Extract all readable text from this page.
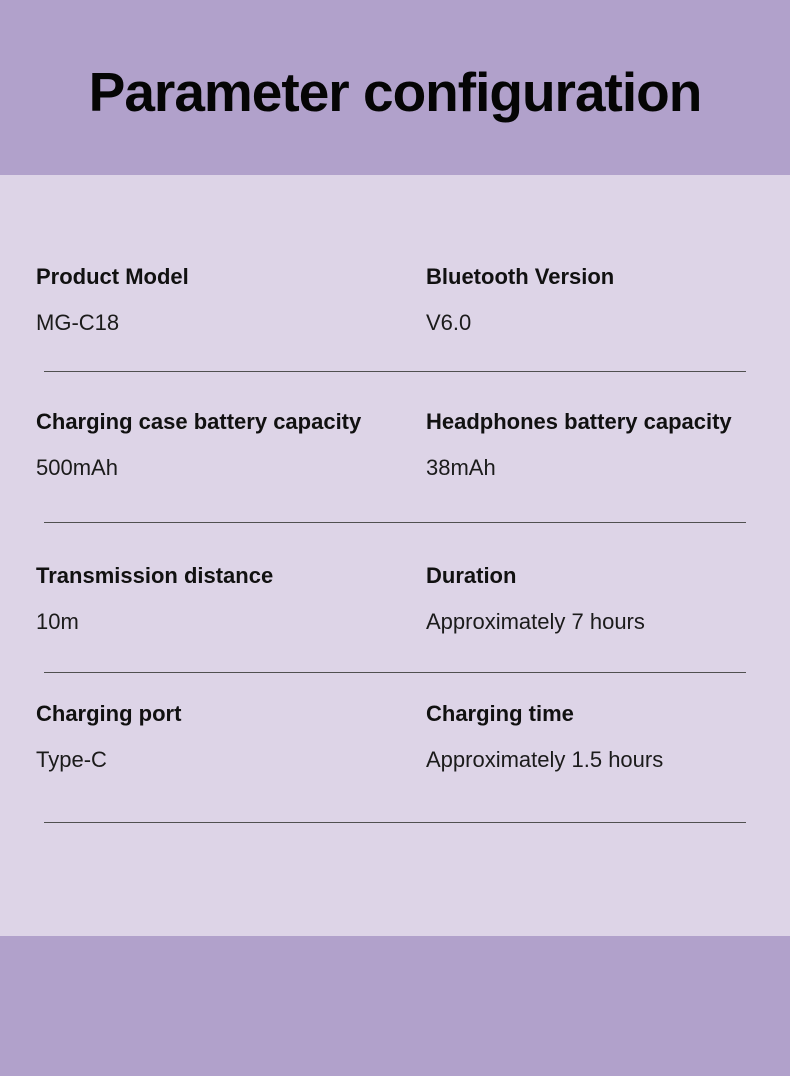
Parameter configuration
Product Model
MG-C18
Bluetooth Version
V6.0
Charging case battery capacity
500mAh
Headphones battery capacity
38mAh
Transmission distance
10m
Duration
Approximately 7 hours
Charging port
Type-C
Charging time
Approximately 1.5 hours
